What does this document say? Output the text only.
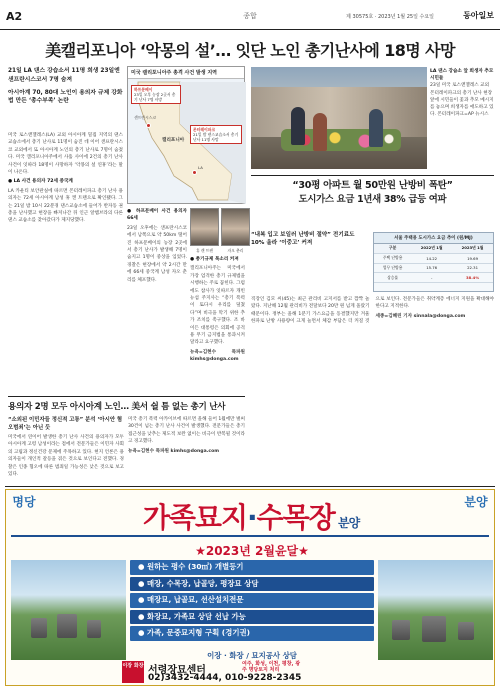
A2	종합	제 30575호 · 2023년 1월 25일 수요일	동아일보
美캘리포니아 ‘악몽의 설’… 잇단 노인 총기난사에 18명 사망
21일 LA 댄스 강습소서 11명 희생 23일엔 샌프란시스코서 7명 숨져
아시아계 70, 80대 노인이 용의자 규제 강화법 만든 ‘총수부족’ 논란

미국 로스앤젤레스(LA) 교외 아시아계 밀집 지역의 댄스교습소에서 총기 난사로 11명이 숨진 데 이어 샌프란시스코 교외에서 또 아시아계 노인의 총기 난사로 7명이 숨졌다. 미국 캘리포니아주에서 사흘 사이에 2건의 총기 난사 사건이 잇따라 18명이 사망하자 ‘악몽의 설 연휴’라는 말이 나온다.

● LA 사건 용의자 72세 중국계

LA 카운티 보안관실에 따르면 몬터레이파크 총기 난사 용의자는 72세 아시아계 남성 휴 캔 트랜으로 확인됐다. 그는 21일 밤 10시 22분경 댄스교습소에 들어가 반자동 권총을 난사했고 현장을 빠져나간 뒤 인근 알햄브라의 다른 댄스 교습소를 찾아갔다가 제지당했다.

미국 캘리포니아주 총격 사건 발생 지역
캘리포니아
샌프란시스코
LA
하프문베이
23일 오후 농장 2곳서 총기 난사 7명 사망
몬터레이파크
21일 밤 댄스교습소서 총기 난사 11명 사망

● 하프문베이 사건 용의자 66세

23일 오후에는 샌프란시스코에서 남쪽으로 약 50km 떨어진 하프문베이의 농장 2곳에서 총기 난사가 발생해 7명이 숨지고 1명이 중상을 입었다. 경찰은 현장에서 약 2시간 만에 66세 중국계 남성 자오 춘리를 체포했다.

휴 캔 트랜	자오 춘리

● 총기규제 목소리 커져

캘리포니아주는 미국에서 가장 엄격한 총기 규제법을 시행하는 주로 꼽힌다. 그럼에도 참사가 잇따르자 개빈 뉴섬 주지사는 “총기 폭력이 또다시 우리를 덮쳤다”며 비극을 막기 위한 추가 조치를 촉구했다. 조 바이든 대통령은 의회에 공격용 무기 금지법을 통과시켜 달라고 요구했다.

뉴욕=김현수 특파원 kimhs@donga.com

LA 댄스 강습소 앞 희생자 추모 시민들
23일 미국 로스앤젤레스 교외 몬터레이파크의 총기 난사 현장 앞에 시민들이 꽃과 추모 메시지를 놓으며 희생자를 애도하고 있다. 몬터레이파크=AP 뉴시스
“30평 아파트 월 50만원 난방비 폭탄”
도시가스 요금 1년새 38% 급등 여파
“내복 입고 보일러 난방비 절약” 전기료도 10% 올라 ‘이중고’ 커져
서울 주택용 도시가스 요금 추이 (원/MJ)
구분	2022년 1월	2023년 1월
주택 난방용	14.22	19.69
업무 난방용	15.76	22.31
상승률	-	38.4%

직장인 김모 씨(45)는 최근 관리비 고지서를 받고 깜짝 놀랐다. 지난해 12월 관리비가 전달보다 20만 원 넘게 올랐기 때문이다. 정부는 올해 1분기 가스요금을 동결했지만 겨울 한파로 난방 사용량이 크게 늘면서 체감 부담은 더 커질 것으로 보인다. 전문가들은 취약계층 에너지 지원을 확대해야 한다고 지적한다.

세종=김혜린 기자 sinnala@donga.com

용의자 2명 모두 아시아계 노인… 美서 쉴 틈 없는 총기 난사
“소외된 이민자들 정신적 고통” 분석 ‘아시안 혐오범죄’는 아닌 듯

미국에서 연이어 발생한 총기 난사 사건의 용의자가 모두 아시아계 고령 남성이라는 점에서 전문가들은 이민자 사회의 고립과 정신건강 문제에 주목하고 있다. 현지 언론은 용의자들이 개인적 갈등을 겪은 것으로 보인다고 전했다. 경찰은 인종 혐오에 따른 범죄일 가능성은 낮은 것으로 보고 있다.

미국 총기 폭력 아카이브에 따르면 올해 들어 1월에만 벌써 30건이 넘는 총기 난사 사건이 발생했다. 전문가들은 총기 접근성을 낮추는 제도적 보완 없이는 비극이 반복될 것이라고 경고했다.

뉴욕=김현수 특파원 kimhs@donga.com

명당	분양
가족묘지·수목장 분양
★2023년 2월윤달★
● 원하는 평수 (30㎡) 개별등기
● 매장, 수목장, 납골당, 평장묘 상담
● 매장묘, 납골묘, 선산설치전문
● 화장묘, 가족묘 상담 선납 가능
● 가족, 문중묘지형 구획 (경기권)
이장 · 화장 / 묘지공사 상담
이장 화장 서령장묘센터
여주, 화성, 이천, 평창, 광주 명당토지 처리
02)3432-4444, 010-9228-2345
